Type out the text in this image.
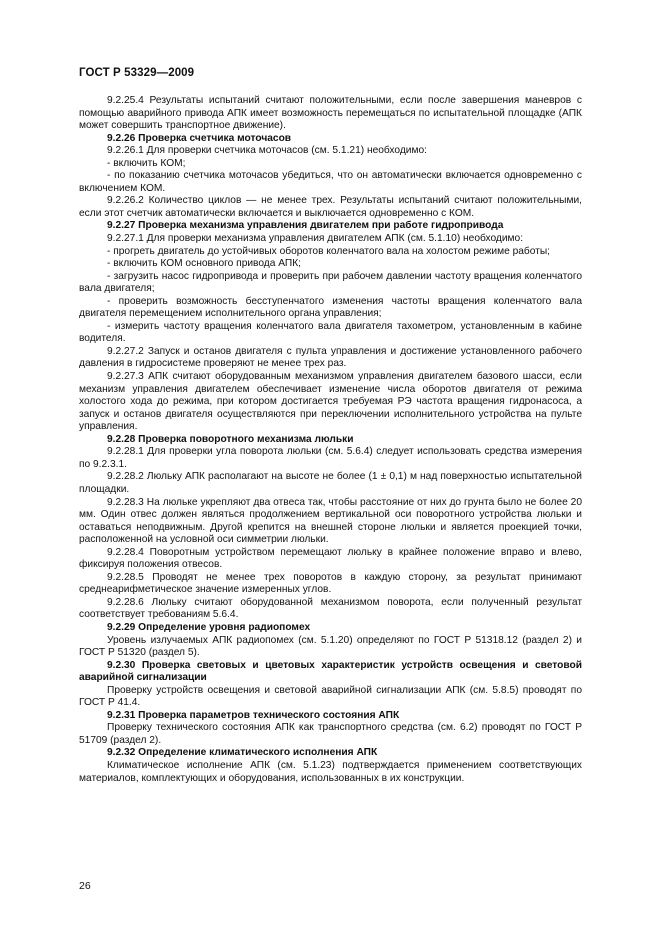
ГОСТ Р 53329—2009

9.2.25.4 Результаты испытаний считают положительными, если после завершения маневров с помощью аварийного привода АПК имеет возможность перемещаться по испытательной площадке (АПК может совершить транспортное движение).

9.2.26 Проверка счетчика моточасов

9.2.26.1 Для проверки счетчика моточасов (см. 5.1.21) необходимо:

- включить КОМ;

- по показанию счетчика моточасов убедиться, что он автоматически включается одновременно с включением КОМ.

9.2.26.2 Количество циклов — не менее трех. Результаты испытаний считают положительными, если этот счетчик автоматически включается и выключается одновременно с КОМ.

9.2.27 Проверка механизма управления двигателем при работе гидропривода

9.2.27.1 Для проверки механизма управления двигателем АПК (см. 5.1.10) необходимо:

- прогреть двигатель до устойчивых оборотов коленчатого вала на холостом режиме работы;

- включить КОМ основного привода АПК;

- загрузить насос гидропривода и проверить при рабочем давлении частоту вращения коленчатого вала двигателя;

- проверить возможность бесступенчатого изменения частоты вращения коленчатого вала двигателя перемещением исполнительного органа управления;

- измерить частоту вращения коленчатого вала двигателя тахометром, установленным в кабине водителя.

9.2.27.2 Запуск и останов двигателя с пульта управления и достижение установленного рабочего давления в гидросистеме проверяют не менее трех раз.

9.2.27.3 АПК считают оборудованным механизмом управления двигателем базового шасси, если механизм управления двигателем обеспечивает изменение числа оборотов двигателя от режима холостого хода до режима, при котором достигается требуемая РЭ частота вращения гидронасоса, а запуск и останов двигателя осуществляются при переключении исполнительного устройства на пульте управления.

9.2.28 Проверка поворотного механизма люльки

9.2.28.1 Для проверки угла поворота люльки (см. 5.6.4) следует использовать средства измерения по 9.2.3.1.

9.2.28.2 Люльку АПК располагают на высоте не более (1 ± 0,1) м над поверхностью испытательной площадки.

9.2.28.3 На люльке укрепляют два отвеса так, чтобы расстояние от них до грунта было не более 20 мм. Один отвес должен являться продолжением вертикальной оси поворотного устройства люльки и оставаться неподвижным. Другой крепится на внешней стороне люльки и является проекцией точки, расположенной на условной оси симметрии люльки.

9.2.28.4 Поворотным устройством перемещают люльку в крайнее положение вправо и влево, фиксируя положения отвесов.

9.2.28.5 Проводят не менее трех поворотов в каждую сторону, за результат принимают среднеарифметическое значение измеренных углов.

9.2.28.6 Люльку считают оборудованной механизмом поворота, если полученный результат соответствует требованиям 5.6.4.

9.2.29 Определение уровня радиопомех

Уровень излучаемых АПК радиопомех (см. 5.1.20) определяют по ГОСТ Р 51318.12 (раздел 2) и ГОСТ Р 51320 (раздел 5).

9.2.30 Проверка световых и цветовых характеристик устройств освещения и световой аварийной сигнализации

Проверку устройств освещения и световой аварийной сигнализации АПК (см. 5.8.5) проводят по ГОСТ Р 41.4.

9.2.31 Проверка параметров технического состояния АПК

Проверку технического состояния АПК как транспортного средства (см. 6.2) проводят по ГОСТ Р 51709 (раздел 2).

9.2.32 Определение климатического исполнения АПК

Климатическое исполнение АПК (см. 5.1.23) подтверждается применением соответствующих материалов, комплектующих и оборудования, использованных в их конструкции.

26
